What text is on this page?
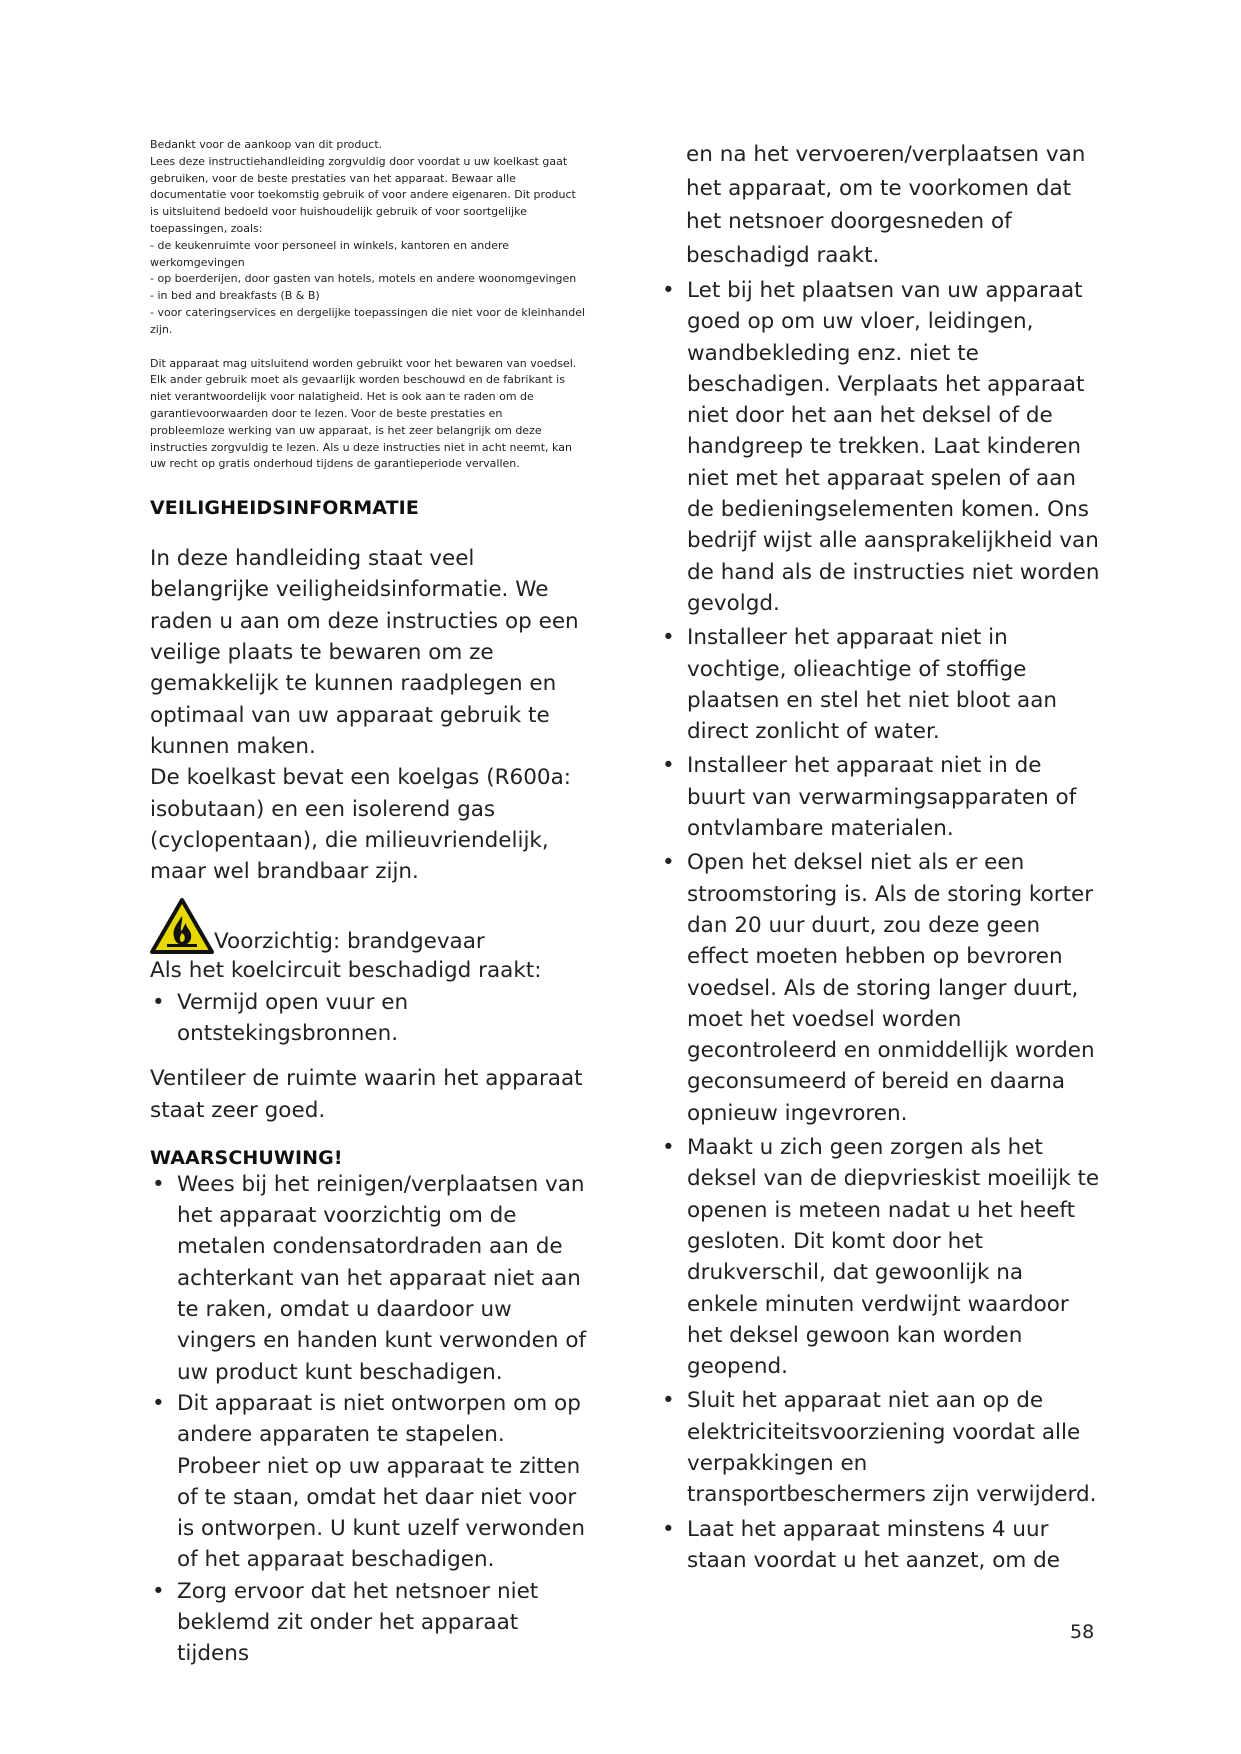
Bedankt voor de aankoop van dit product.
Lees deze instructiehandleiding zorgvuldig door voordat u uw koelkast gaat
gebruiken, voor de beste prestaties van het apparaat. Bewaar alle
documentatie voor toekomstig gebruik of voor andere eigenaren. Dit product
is uitsluitend bedoeld voor huishoudelijk gebruik of voor soortgelijke
toepassingen, zoals:
- de keukenruimte voor personeel in winkels, kantoren en andere
werkomgevingen
- op boerderijen, door gasten van hotels, motels en andere woonomgevingen
- in bed and breakfasts (B & B)
- voor cateringservices en dergelijke toepassingen die niet voor de kleinhandel
zijn.

Dit apparaat mag uitsluitend worden gebruikt voor het bewaren van voedsel.
Elk ander gebruik moet als gevaarlijk worden beschouwd en de fabrikant is
niet verantwoordelijk voor nalatigheid. Het is ook aan te raden om de
garantievoorwaarden door te lezen. Voor de beste prestaties en
probleemloze werking van uw apparaat, is het zeer belangrijk om deze
instructies zorgvuldig te lezen. Als u deze instructies niet in acht neemt, kan
uw recht op gratis onderhoud tijdens de garantieperiode vervallen.

VEILIGHEIDSINFORMATIE

In deze handleiding staat veel belangrijke veiligheidsinformatie. We raden u aan om deze instructies op een veilige plaats te bewaren om ze gemakkelijk te kunnen raadplegen en optimaal van uw apparaat gebruik te kunnen maken.

De koelkast bevat een koelgas (R600a: isobutaan) en een isolerend gas (cyclopentaan), die milieuvriendelijk, maar wel brandbaar zijn.

Voorzichtig: brandgevaar

Als het koelcircuit beschadigd raakt:

• Vermijd open vuur en ontstekingsbronnen.

Ventileer de ruimte waarin het apparaat staat zeer goed.

WAARSCHUWING!
• Wees bij het reinigen/verplaatsen van het apparaat voorzichtig om de metalen condensatordraden aan de achterkant van het apparaat niet aan te raken, omdat u daardoor uw vingers en handen kunt verwonden of uw product kunt beschadigen.
• Dit apparaat is niet ontworpen om op andere apparaten te stapelen. Probeer niet op uw apparaat te zitten of te staan, omdat het daar niet voor is ontworpen. U kunt uzelf verwonden of het apparaat beschadigen.
• Zorg ervoor dat het netsnoer niet beklemd zit onder het apparaat tijdens

en na het vervoeren/verplaatsen van het apparaat, om te voorkomen dat het netsnoer doorgesneden of beschadigd raakt.

• Let bij het plaatsen van uw apparaat goed op om uw vloer, leidingen, wandbekleding enz. niet te beschadigen. Verplaats het apparaat niet door het aan het deksel of de handgreep te trekken. Laat kinderen niet met het apparaat spelen of aan de bedieningselementen komen. Ons bedrijf wijst alle aansprakelijkheid van de hand als de instructies niet worden gevolgd.
• Installeer het apparaat niet in vochtige, olieachtige of stoffige plaatsen en stel het niet bloot aan direct zonlicht of water.
• Installeer het apparaat niet in de buurt van verwarmingsapparaten of ontvlambare materialen.
• Open het deksel niet als er een stroomstoring is. Als de storing korter dan 20 uur duurt, zou deze geen effect moeten hebben op bevroren voedsel. Als de storing langer duurt, moet het voedsel worden gecontroleerd en onmiddellijk worden geconsumeerd of bereid en daarna opnieuw ingevroren.
• Maakt u zich geen zorgen als het deksel van de diepvrieskist moeilijk te openen is meteen nadat u het heeft gesloten. Dit komt door het drukverschil, dat gewoonlijk na enkele minuten verdwijnt waardoor het deksel gewoon kan worden geopend.
• Sluit het apparaat niet aan op de elektriciteitsvoorziening voordat alle verpakkingen en transportbeschermers zijn verwijderd.
• Laat het apparaat minstens 4 uur staan voordat u het aanzet, om de
58
